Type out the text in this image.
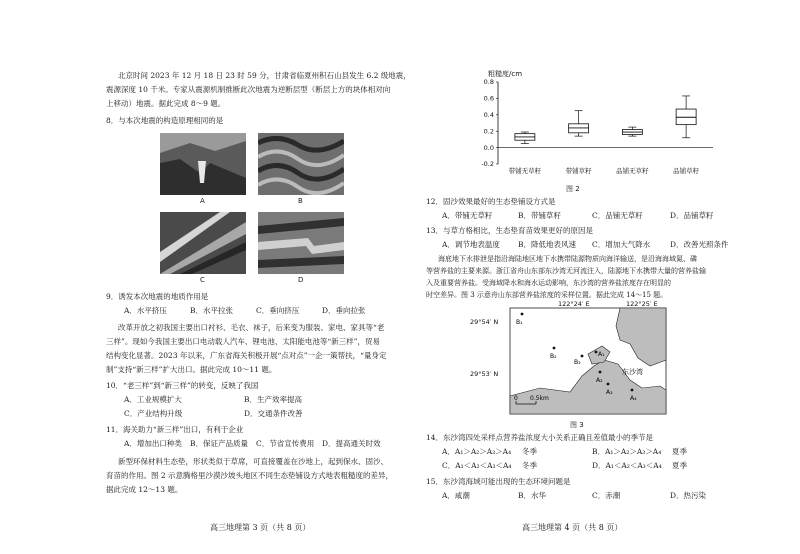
北京时间 2023 年 12 月 18 日 23 时 59 分，甘肃省临夏州积石山县发生 6.2 级地震，
震源深度 10 千米。专家从震源机制推断此次地震为逆断层型（断层上方的块体相对向
上移动）地震。据此完成 8～9 题。
8．与本次地震的构造原理相同的是
A	B
C	D
9．诱发本次地震的地质作用是
A．水平挤压	B．水平拉张	C．垂向挤压	D．垂向拉张
改革开放之初我国主要出口衬衫、毛衣、袜子，后来变为服装、家电、家具等“老
三样”。现如今我国主要出口电动载人汽车、锂电池、太阳能电池等“新三样”，贸易
结构变化显著。2023 年以来，广东省海关积极开展“点对点”一企一策帮扶，“量身定
制”支持“新三样”扩大出口。据此完成 10～11 题。
10．“老三样”到“新三样”的转变，反映了我国
A．工业规模扩大	B．生产效率提高
C．产业结构升级	D．交通条件改善
11．海关助力“新三样”出口，有利于企业
A．增加出口种类 B．保证产品质量 C．节省宣传费用 D．提高通关时效
新型环保材料生态垫，形状类似于草席，可直接覆盖在沙地上，起到保水、固沙、
育苗的作用。图 2 示意腾格里沙漠沙坡头地区不同生态垫铺设方式地表粗糙度的差异，
据此完成 12～13 题。
高三地理第 3 页（共 8 页）
粗糙度/cm
-0.2
0.0
0.2
0.4
0.6
0.8
带铺无草籽	带铺草籽	品铺无草籽	品铺草籽
图 2
12．固沙效果最好的生态垫铺设方式是
A．带铺无草籽	B．带铺草籽	C．品铺无草籽	D．品铺草籽
13．与草方格相比，生态垫育苗效果更好的原因是
A．调节地表温度 B．降低地表风速 C．增加大气降水	D．改善光照条件
海底地下水排泄是指沿海陆地区地下水携带陆源物质向海洋输送，是沿海海域氮、磷
等营养盐的主要来源。浙江省舟山东部东沙湾无河流注入，陆源地下水携带大量的营养盐输
入及重要营养盐。受海域降水和海水运动影响，东沙湾的营养盐浓度存在明显的
时空差异。图 3 示意舟山东部营养盐浓度的采样位置。据此完成 14～15 题。
122°24′ E	122°25′ E
29°54′ N
29°53′ N	东沙湾
B₁
B₂
B₃
A₁
A₂
A₃
A₄
0 0.5km
图 3
14．东沙湾四处采样点营养盐浓度大小关系正确且差值最小的季节是
A．A₁＞A₂＞A₃＞A₄ 冬季	B．A₁＞A₂＞A₃＞A₄ 夏季
C．A₁＜A₂＜A₃＜A₄ 冬季	D．A₁＜A₂＜A₃＜A₄ 夏季
15．东沙湾海域可能出现的生态环境问题是
A．咸潮	B．水华	C．赤潮	D．热污染
高三地理第 4 页（共 8 页）
